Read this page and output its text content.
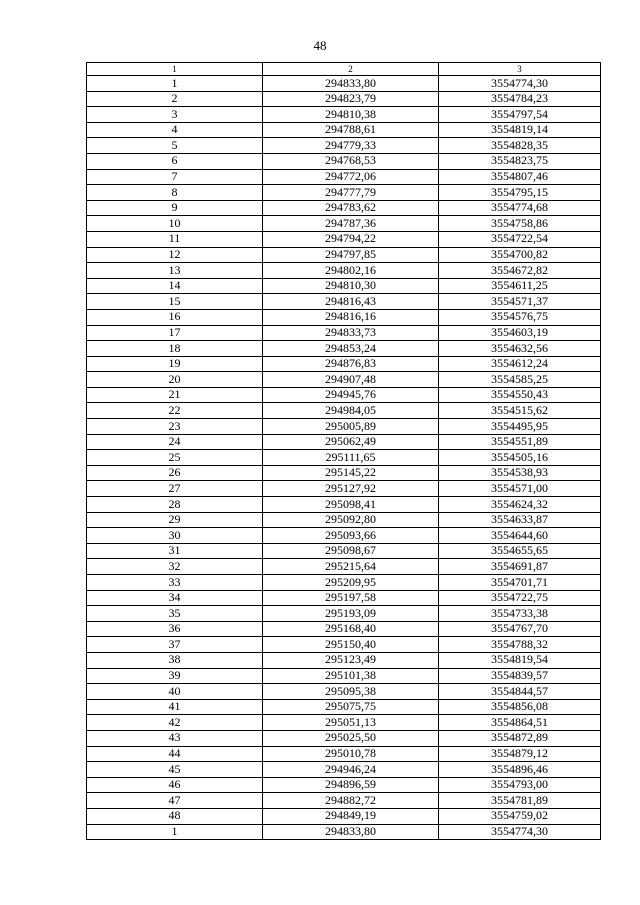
48
1	2	3
1	294833,80	3554774,30
2	294823,79	3554784,23
3	294810,38	3554797,54
4	294788,61	3554819,14
5	294779,33	3554828,35
6	294768,53	3554823,75
7	294772,06	3554807,46
8	294777,79	3554795,15
9	294783,62	3554774,68
10	294787,36	3554758,86
11	294794,22	3554722,54
12	294797,85	3554700,82
13	294802,16	3554672,82
14	294810,30	3554611,25
15	294816,43	3554571,37
16	294816,16	3554576,75
17	294833,73	3554603,19
18	294853,24	3554632,56
19	294876,83	3554612,24
20	294907,48	3554585,25
21	294945,76	3554550,43
22	294984,05	3554515,62
23	295005,89	3554495,95
24	295062,49	3554551,89
25	295111,65	3554505,16
26	295145,22	3554538,93
27	295127,92	3554571,00
28	295098,41	3554624,32
29	295092,80	3554633,87
30	295093,66	3554644,60
31	295098,67	3554655,65
32	295215,64	3554691,87
33	295209,95	3554701,71
34	295197,58	3554722,75
35	295193,09	3554733,38
36	295168,40	3554767,70
37	295150,40	3554788,32
38	295123,49	3554819,54
39	295101,38	3554839,57
40	295095,38	3554844,57
41	295075,75	3554856,08
42	295051,13	3554864,51
43	295025,50	3554872,89
44	295010,78	3554879,12
45	294946,24	3554896,46
46	294896,59	3554793,00
47	294882,72	3554781,89
48	294849,19	3554759,02
1	294833,80	3554774,30
